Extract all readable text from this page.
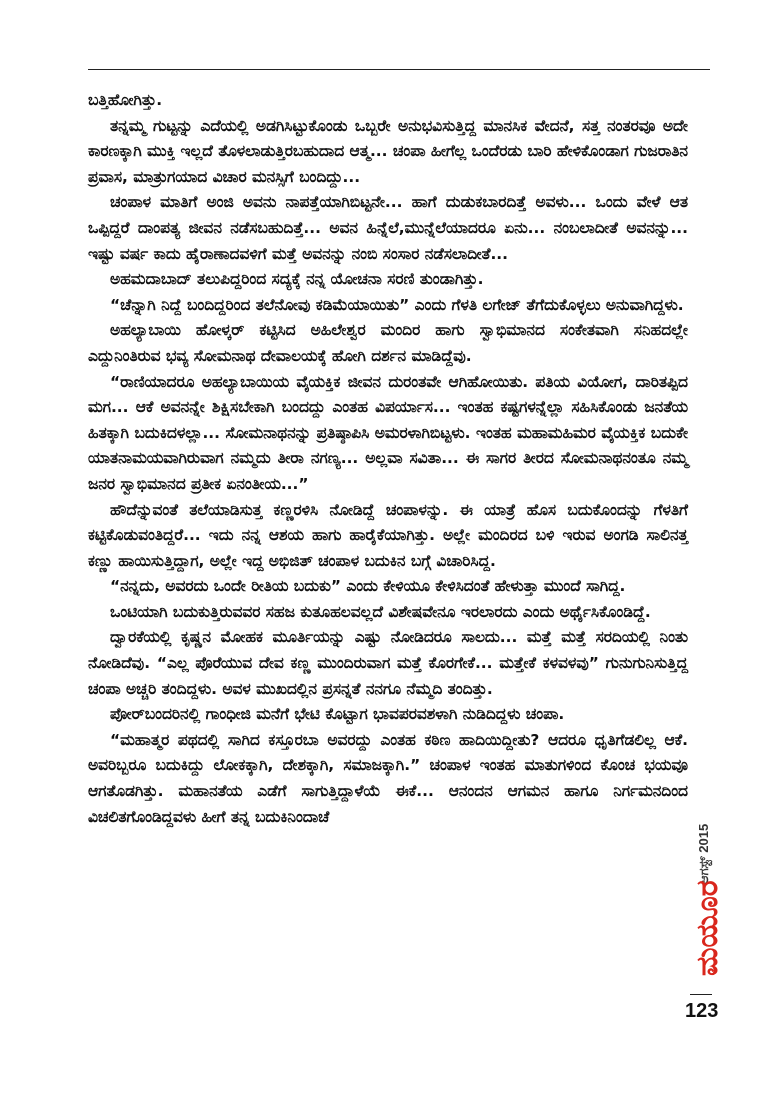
ಬತ್ತಿಹೋಗಿತ್ತು.

ತನ್ನಮ್ಮ ಗುಟ್ಟನ್ನು ಎದೆಯಲ್ಲಿ ಅಡಗಿಸಿಟ್ಟುಕೊಂಡು ಒಬ್ಬರೇ ಅನುಭವಿಸುತ್ತಿದ್ದ ಮಾನಸಿಕ ವೇದನೆ, ಸತ್ತ ನಂತರವೂ ಅದೇ ಕಾರಣಕ್ಕಾಗಿ ಮುಕ್ತಿ ಇಲ್ಲದೆ ತೊಳಲಾಡುತ್ತಿರಬಹುದಾದ ಆತ್ಮ... ಚಂಪಾ ಹೀಗೆಲ್ಲ ಒಂದೆರಡು ಬಾರಿ ಹೇಳಿಕೊಂಡಾಗ ಗುಜರಾತಿನ ಪ್ರವಾಸ, ಮಾತ್ರುಗಯಾದ ವಿಚಾರ ಮನಸ್ಸಿಗೆ ಬಂದಿದ್ದು...

ಚಂಪಾಳ ಮಾತಿಗೆ ಅಂಜಿ ಅವನು ನಾಪತ್ತೆಯಾಗಿಬಿಟ್ಟನೇ... ಹಾಗೆ ದುಡುಕಬಾರದಿತ್ತೆ ಅವಳು... ಒಂದು ವೇಳೆ ಆತ ಒಪ್ಪಿದ್ದರೆ ದಾಂಪತ್ಯ ಜೀವನ ನಡೆಸಬಹುದಿತ್ತೆ... ಅವನ ಹಿನ್ನೆಲೆ,ಮುನ್ನೆಲೆಯಾದರೂ ಏನು... ನಂಬಲಾದೀತೆ ಅವನನ್ನು... ಇಷ್ಟು ವರ್ಷ ಕಾದು ಹೈರಾಣಾದವಳಿಗೆ ಮತ್ತೆ ಅವನನ್ನು ನಂಬಿ ಸಂಸಾರ ನಡೆಸಲಾದೀತೆ...

ಅಹಮದಾಬಾದ್ ತಲುಪಿದ್ದರಿಂದ ಸದ್ಯಕ್ಕೆ ನನ್ನ ಯೋಚನಾ ಸರಣಿ ತುಂಡಾಗಿತ್ತು.

“ಚೆನ್ನಾಗಿ ನಿದ್ದೆ ಬಂದಿದ್ದರಿಂದ ತಲೆನೋವು ಕಡಿಮೆಯಾಯಿತು” ಎಂದು ಗೆಳತಿ ಲಗೇಜ್ ತೆಗೆದುಕೊಳ್ಳಲು ಅನುವಾಗಿದ್ದಳು.

ಅಹಲ್ಯಾಬಾಯಿ ಹೋಳ್ಕರ್ ಕಟ್ಟಿಸಿದ ಅಹಿಲೇಶ್ವರ ಮಂದಿರ ಹಾಗು ಸ್ವಾಭಿಮಾನದ ಸಂಕೇತವಾಗಿ ಸನಿಹದಲ್ಲೇ ಎದ್ದುನಿಂತಿರುವ ಭವ್ಯ ಸೋಮನಾಥ ದೇವಾಲಯಕ್ಕೆ ಹೋಗಿ ದರ್ಶನ ಮಾಡಿದ್ದೆವು.

“ರಾಣಿಯಾದರೂ ಅಹಲ್ಯಾಬಾಯಿಯ ವೈಯಕ್ತಿಕ ಜೀವನ ದುರಂತವೇ ಆಗಿಹೋಯಿತು. ಪತಿಯ ವಿಯೋಗ, ದಾರಿತಪ್ಪಿದ ಮಗ... ಆಕೆ ಅವನನ್ನೇ ಶಿಕ್ಷಿಸಬೇಕಾಗಿ ಬಂದದ್ದು ಎಂತಹ ವಿಪರ್ಯಾಸ... ಇಂತಹ ಕಷ್ಟಗಳನ್ನೆಲ್ಲಾ ಸಹಿಸಿಕೊಂಡು ಜನತೆಯ ಹಿತಕ್ಕಾಗಿ ಬದುಕಿದಳಲ್ಲಾ... ಸೋಮನಾಥನನ್ನು ಪ್ರತಿಷ್ಠಾಪಿಸಿ ಅಮರಳಾಗಿಬಿಟ್ಟಳು. ಇಂತಹ ಮಹಾಮಹಿಮರ ವೈಯಕ್ತಿಕ ಬದುಕೇ ಯಾತನಾಮಯವಾಗಿರುವಾಗ ನಮ್ಮದು ತೀರಾ ನಗಣ್ಯ... ಅಲ್ಲವಾ ಸವಿತಾ... ಈ ಸಾಗರ ತೀರದ ಸೋಮನಾಥನಂತೂ ನಮ್ಮ ಜನರ ಸ್ವಾಭಿಮಾನದ ಪ್ರತೀಕ ಏನಂತೀಯ...”

ಹೌದೆನ್ನುವಂತೆ ತಲೆಯಾಡಿಸುತ್ತ ಕಣ್ಣರಳಿಸಿ ನೋಡಿದ್ದೆ ಚಂಪಾಳನ್ನು. ಈ ಯಾತ್ರೆ ಹೊಸ ಬದುಕೊಂದನ್ನು ಗೆಳತಿಗೆ ಕಟ್ಟಿಕೊಡುವಂತಿದ್ದರೆ... ಇದು ನನ್ನ ಆಶಯ ಹಾಗು ಹಾರೈಕೆಯಾಗಿತ್ತು. ಅಲ್ಲೇ ಮಂದಿರದ ಬಳಿ ಇರುವ ಅಂಗಡಿ ಸಾಲಿನತ್ತ ಕಣ್ಣು ಹಾಯಿಸುತ್ತಿದ್ದಾಗ, ಅಲ್ಲೇ ಇದ್ದ ಅಭಿಜಿತ್ ಚಂಪಾಳ ಬದುಕಿನ ಬಗ್ಗೆ ವಿಚಾರಿಸಿದ್ದ.

“ನನ್ನದು, ಅವರದು ಒಂದೇ ರೀತಿಯ ಬದುಕು” ಎಂದು ಕೇಳಿಯೂ ಕೇಳಿಸಿದಂತೆ ಹೇಳುತ್ತಾ ಮುಂದೆ ಸಾಗಿದ್ದ.

ಒಂಟಿಯಾಗಿ ಬದುಕುತ್ತಿರುವವರ ಸಹಜ ಕುತೂಹಲವಲ್ಲದೆ ವಿಶೇಷವೇನೂ ಇರಲಾರದು ಎಂದು ಅರ್ಥೈಸಿಕೊಂಡಿದ್ದೆ.

ದ್ವಾರಕೆಯಲ್ಲಿ ಕೃಷ್ಣನ ಮೋಹಕ ಮೂರ್ತಿಯನ್ನು ಎಷ್ಟು ನೋಡಿದರೂ ಸಾಲದು... ಮತ್ತೆ ಮತ್ತೆ ಸರದಿಯಲ್ಲಿ ನಿಂತು ನೋಡಿದೆವು. “ಎಲ್ಲ ಪೊರೆಯುವ ದೇವ ಕಣ್ಣ ಮುಂದಿರುವಾಗ ಮತ್ತೆ ಕೊರಗೇಕೆ... ಮತ್ತೇಕೆ ಕಳವಳವು” ಗುನುಗುನಿಸುತ್ತಿದ್ದ ಚಂಪಾ ಅಚ್ಚರಿ ತಂದಿದ್ದಳು. ಅವಳ ಮುಖದಲ್ಲಿನ ಪ್ರಸನ್ನತೆ ನನಗೂ ನೆಮ್ಮದಿ ತಂದಿತ್ತು.

ಪೋರ್‌ಬಂದರಿನಲ್ಲಿ ಗಾಂಧೀಜಿ ಮನೆಗೆ ಭೇಟಿ ಕೊಟ್ಟಾಗ ಭಾವಪರವಶಳಾಗಿ ನುಡಿದಿದ್ದಳು ಚಂಪಾ.

“ಮಹಾತ್ಮರ ಪಥದಲ್ಲಿ ಸಾಗಿದ ಕಸ್ತೂರಬಾ ಅವರದ್ದು ಎಂತಹ ಕಠಿಣ ಹಾದಿಯಿದ್ದೀತು? ಆದರೂ ಧೃತಿಗೆಡಲಿಲ್ಲ ಆಕೆ. ಅವರಿಬ್ಬರೂ ಬದುಕಿದ್ದು ಲೋಕಕ್ಕಾಗಿ, ದೇಶಕ್ಕಾಗಿ, ಸಮಾಜಕ್ಕಾಗಿ.” ಚಂಪಾಳ ಇಂತಹ ಮಾತುಗಳಿಂದ ಕೊಂಚ ಭಯವೂ ಆಗತೊಡಗಿತ್ತು. ಮಹಾನತೆಯ ಎಡೆಗೆ ಸಾಗುತ್ತಿದ್ದಾಳೆಯೆ ಈಕೆ... ಆನಂದನ ಆಗಮನ ಹಾಗೂ ನಿರ್ಗಮನದಿಂದ ವಿಚಲಿತಗೊಂಡಿದ್ದವಳು ಹೀಗೆ ತನ್ನ ಬದುಕಿನಿಂದಾಚೆ

ಆಗಸ್ಟ್ 2015
ಮಯೂರ
123
